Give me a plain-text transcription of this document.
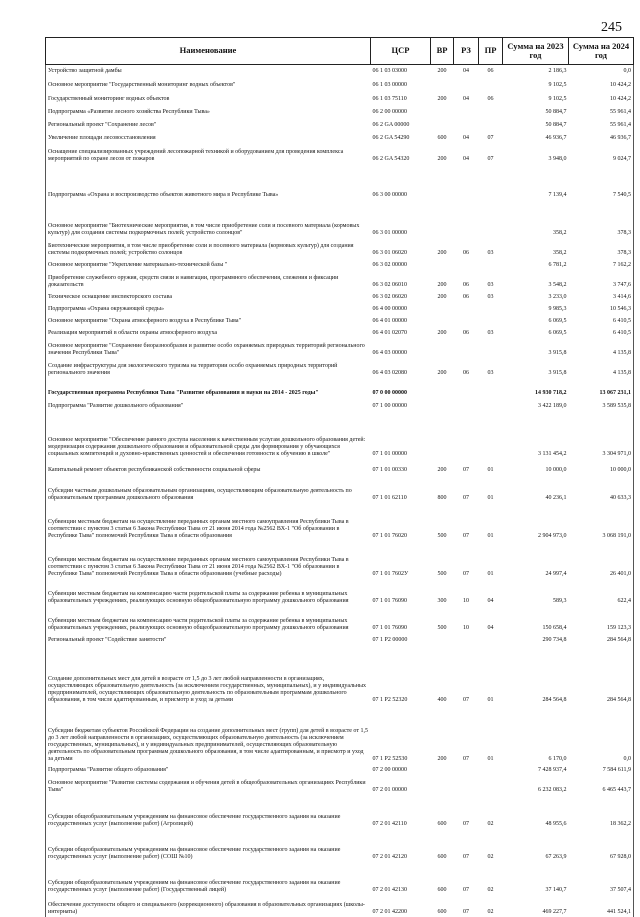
245
Наименование	ЦСР	ВР	РЗ	ПР	Сумма на 2023 год	Сумма на 2024 год
Устройство защитной дамбы	06 1 03 03000	200	04	06	2 186,3	0,0
Основное мероприятие "Государственный мониторинг водных объектов"	06 1 03 00000				9 102,5	10 424,2
Государственный мониторинг водных объектов	06 1 03 75110	200	04	06	9 102,5	10 424,2
Подпрограмма «Развитие лесного хозяйства Республики Тыва»	06 2 00 00000				50 884,7	55 961,4
Региональный проект "Сохранение лесов"	06 2 GA 00000				50 884,7	55 961,4
Увеличение площади лесовосстановления	06 2 GA 54290	600	04	07	46 936,7	46 936,7
Оснащение специализированных учреждений лесопожарной техникой и оборудованием для проведения комплекса мероприятий по охране лесов от пожаров	06 2 GA 54320	200	04	07	3 948,0	9 024,7
Подпрограмма «Охрана и воспроизводство объектов животного мира в Республике Тыва»	06 3 00 00000				7 139,4	7 540,5
Основное мероприятие "Биотехнические мероприятия, в том числе приобретение соли и посевного материала (кормовых культур) для создания системы подкормочных полей; устройство солонцов"	06 3 01 00000				358,2	378,3
Биотехнические мероприятия, в том числе приобретение соли и посевного материала (кормовых культур) для создания системы подкормочных полей; устройство солонцов	06 3 01 06020	200	06	03	358,2	378,3
Основное мероприятие "Укрепление материально-технической базы "	06 3 02 00000				6 781,2	7 162,2
Приобретение служебного оружия, средств связи и навигации, программного обеспечения, слежения и фиксации доказательств	06 3 02 06010	200	06	03	3 548,2	3 747,6
Техническое оснащение инспекторского состава	06 3 02 06020	200	06	03	3 233,0	3 414,6
Подпрограмма «Охрана окружающей среды»	06 4 00 00000				9 985,3	10 546,3
Основное мероприятие "Охрана атмосферного воздуха в Республике Тыва"	06 4 01 00000				6 069,5	6 410,5
Реализация мероприятий в области охраны атмосферного воздуха	06 4 01 02070	200	06	03	6 069,5	6 410,5
Основное мероприятие "Сохранение биоразнообразия и развитие особо охраняемых природных территорий регионального значения Республики Тыва"	06 4 03 00000				3 915,8	4 135,8
Создание инфраструктуры для экологического туризма на территории особо охраняемых природных территорий регионального значения	06 4 03 02080	200	06	03	3 915,8	4 135,8
Государственная программа Республики Тыва "Развитие образования и науки на 2014 - 2025 годы"	07 0 00 00000				14 930 718,2	13 067 231,1
Подпрограмма "Развитие дошкольного образования"	07 1 00 00000				3 422 189,0	3 589 535,8
Основное мероприятие "Обеспечение равного доступа населения к качественным услугам дошкольного образования детей: модернизация содержания дошкольного образования и образовательной среды для формирования у обучающихся социальных компетенций и духовно-нравственных ценностей и обеспечения готовности к обучению в школе"	07 1 01 00000				3 131 454,2	3 304 971,0
Капитальный ремонт объектов республиканской собственности социальной сферы	07 1 01 00330	200	07	01	10 000,0	10 000,0
Субсидии частным дошкольным образовательным организациям, осуществляющим образовательную деятельность по образовательным программам дошкольного образования	07 1 01 62110	800	07	01	40 236,1	40 633,3
Субвенции местным бюджетам на осуществление переданных органам местного самоуправления Республики Тыва в соответствии с пунктом 3 статьи 6 Закона Республики Тыва от 21 июня 2014 года №2562 ВХ-1 "Об образовании в Республике Тыва" полномочий Республики Тыва в области образования	07 1 01 76020	500	07	01	2 904 973,0	3 068 191,0
Субвенции местным бюджетам на осуществление переданных органам местного самоуправления Республики Тыва в соответствии с пунктом 3 статьи 6 Закона Республики Тыва от 21 июня 2014 года №2562 ВХ-1 "Об образовании в Республике Тыва" полномочий Республики Тыва в области образования (учебные расходы)	07 1 01 7602У	500	07	01	24 997,4	26 401,0
Субвенции местным бюджетам на компенсацию части родительской платы за содержание ребенка в муниципальных образовательных учреждениях, реализующих основную общеобразовательную программу дошкольного образования	07 1 01 76090	300	10	04	589,3	622,4
Субвенции местным бюджетам на компенсацию части родительской платы за содержание ребенка в муниципальных образовательных учреждениях, реализующих основную общеобразовательную программу дошкольного образования	07 1 01 76090	500	10	04	150 658,4	159 123,3
Региональный проект "Содействие занятости"	07 1 P2 00000				290 734,8	284 564,8
Создание дополнительных мест для детей в возрасте от 1,5 до 3 лет любой направленности в организациях, осуществляющих образовательную деятельность (за исключением государственных, муниципальных), и у индивидуальных предпринимателей, осуществляющих образовательную деятельность по образовательным программам дошкольного образования, в том числе адаптированным, и присмотр и уход за детьми	07 1 P2 52320	400	07	01	284 564,8	284 564,8
Субсидии бюджетам субъектов Российской Федерации на создание дополнительных мест (групп) для детей в возрасте от 1,5 до 3 лет любой направленности в организациях, осуществляющих образовательную деятельность (за исключением государственных, муниципальных), и у индивидуальных предпринимателей, осуществляющих образовательную деятельность по образовательным программам дошкольного образования, в том числе адаптированным, и присмотр и уход за детьми	07 1 P2 52530	200	07	01	6 170,0	0,0
Подпрограмма "Развитие общего образования"	07 2 00 00000				7 428 937,4	7 584 611,9
Основное мероприятие "Развитие системы содержания и обучения детей в общеобразовательных организациях Республики Тыва"	07 2 01 00000				6 232 083,2	6 465 443,7
Субсидии общеобразовательным учреждениям на финансовое обеспечение государственного задания на оказание государственных услуг (выполнение работ) (Агролицей)	07 2 01 42110	600	07	02	48 955,6	18 362,2
Субсидии общеобразовательным учреждениям на финансовое обеспечение государственного задания на оказание государственных услуг (выполнение работ) (СОШ №10)	07 2 01 42120	600	07	02	67 263,9	67 928,0
Субсидии общеобразовательным учреждениям на финансовое обеспечение государственного задания на оказание государственных услуг (выполнение работ) (Государственный лицей)	07 2 01 42130	600	07	02	37 140,7	37 507,4
Обеспечение доступности общего и специального (коррекционного) образования в образовательных организациях (школы-интернаты)	07 2 01 42200	600	07	02	469 227,7	441 524,1
